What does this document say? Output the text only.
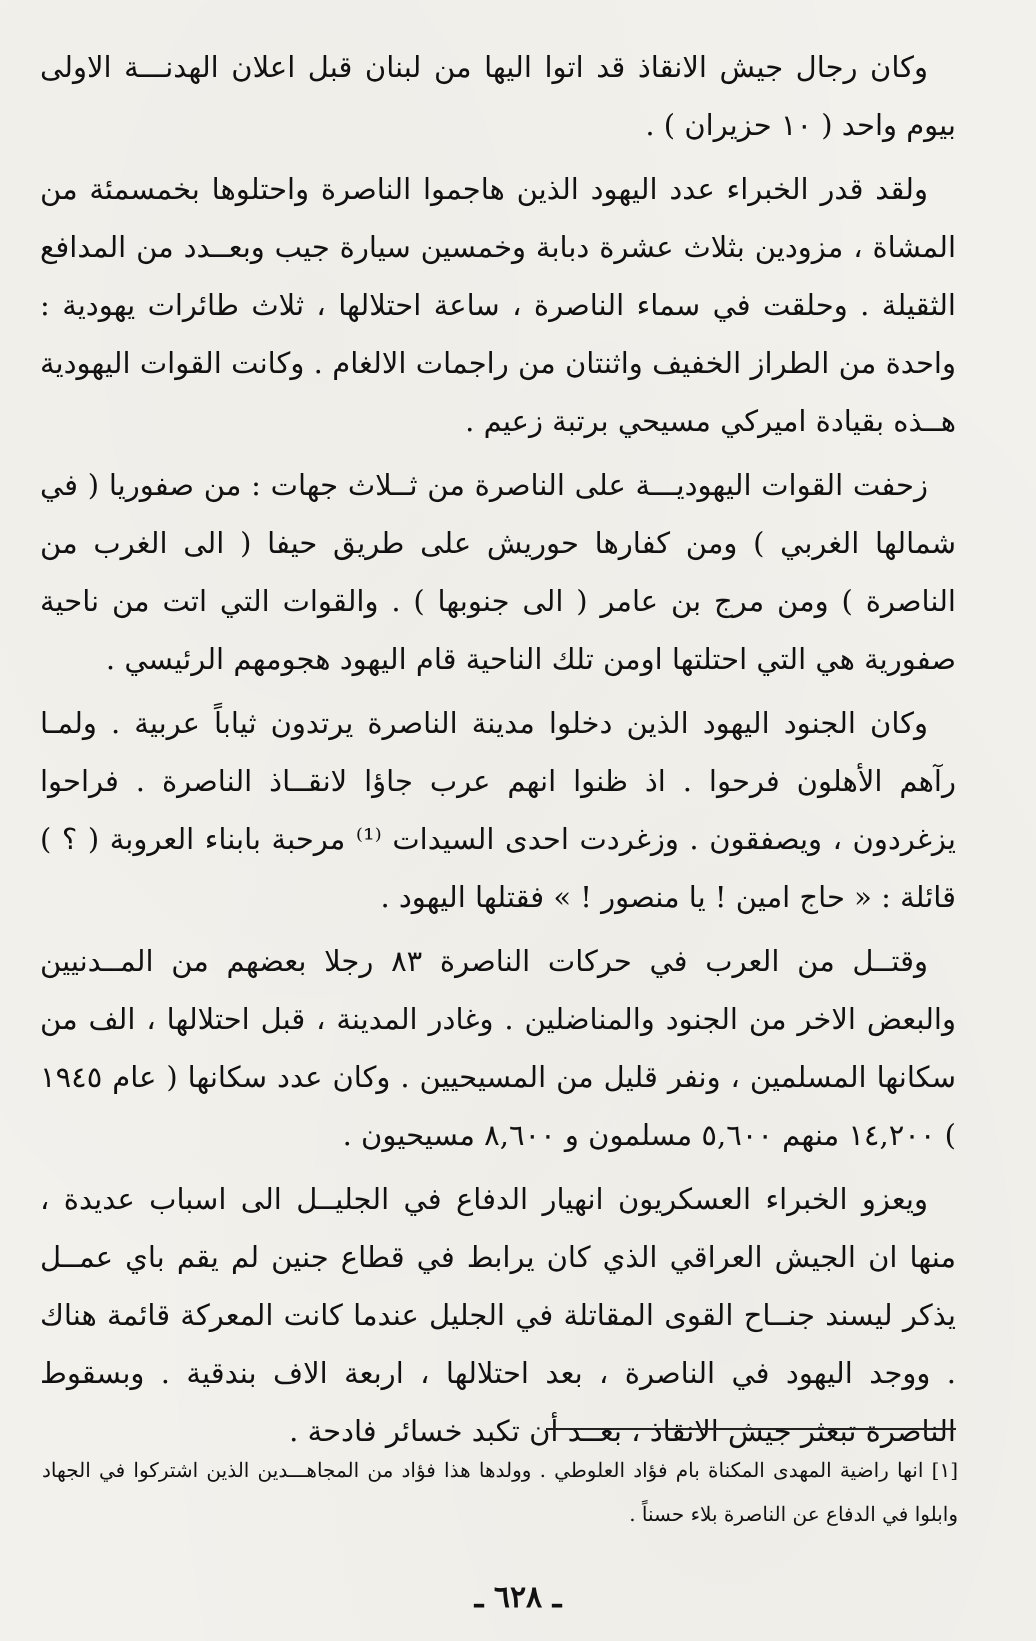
وكان رجال جيش الانقاذ قد اتوا اليها من لبنان قبل اعلان الهدنـــة الاولى بيوم واحد ( ١٠ حزيران ) .

ولقد قدر الخبراء عدد اليهود الذين هاجموا الناصرة واحتلوها بخمسمئة من المشاة ، مزودين بثلاث عشرة دبابة وخمسين سيارة جيب وبعــدد من المدافع الثقيلة . وحلقت في سماء الناصرة ، ساعة احتلالها ، ثلاث طائرات يهودية : واحدة من الطراز الخفيف واثنتان من راجمات الالغام . وكانت القوات اليهودية هــذه بقيادة اميركي مسيحي برتبة زعيم .

زحفت القوات اليهوديـــة على الناصرة من ثــلاث جهات : من صفوريا ( في شمالها الغربي ) ومن كفارها حوريش على طريق حيفا ( الى الغرب من الناصرة ) ومن مرج بن عامر ( الى جنوبها ) . والقوات التي اتت من ناحية صفورية هي التي احتلتها اومن تلك الناحية قام اليهود هجومهم الرئيسي .

وكان الجنود اليهود الذين دخلوا مدينة الناصرة يرتدون ثياباً عربية . ولمـا رآهم الأهلون فرحوا . اذ ظنوا انهم عرب جاؤا لانقــاذ الناصرة . فراحوا يزغردون ، ويصفقون . وزغردت احدى السيدات ⁽¹⁾ مرحبة بابناء العروبة ( ؟ ) قائلة : « حاج امين ! يا منصور ! » فقتلها اليهود .

وقتــل من العرب في حركات الناصرة ٨٣ رجلا بعضهم من المــدنيين والبعض الاخر من الجنود والمناضلين . وغادر المدينة ، قبل احتلالها ، الف من سكانها المسلمين ، ونفر قليل من المسيحيين . وكان عدد سكانها ( عام ١٩٤٥ ) ١٤,٢٠٠ منهم ٥,٦٠٠ مسلمون و ٨,٦٠٠ مسيحيون .

ويعزو الخبراء العسكريون انهيار الدفاع في الجليــل الى اسباب عديدة ، منها ان الجيش العراقي الذي كان يرابط في قطاع جنين لم يقم باي عمــل يذكر ليسند جنــاح القوى المقاتلة في الجليل عندما كانت المعركة قائمة هناك . ووجد اليهود في الناصرة ، بعد احتلالها ، اربعة الاف بندقية . وبسقوط الناصرة تبعثر جيش الانقاذ ، بعــد أن تكبد خسائر فادحة .

[١] انها راضية المهدى المكناة بام فؤاد العلوطي . وولدها هذا فؤاد من المجاهـــدين الذين اشتركوا في الجهاد وابلوا في الدفاع عن الناصرة بلاء حسناً .
ـ ٦٢٨ ـ
